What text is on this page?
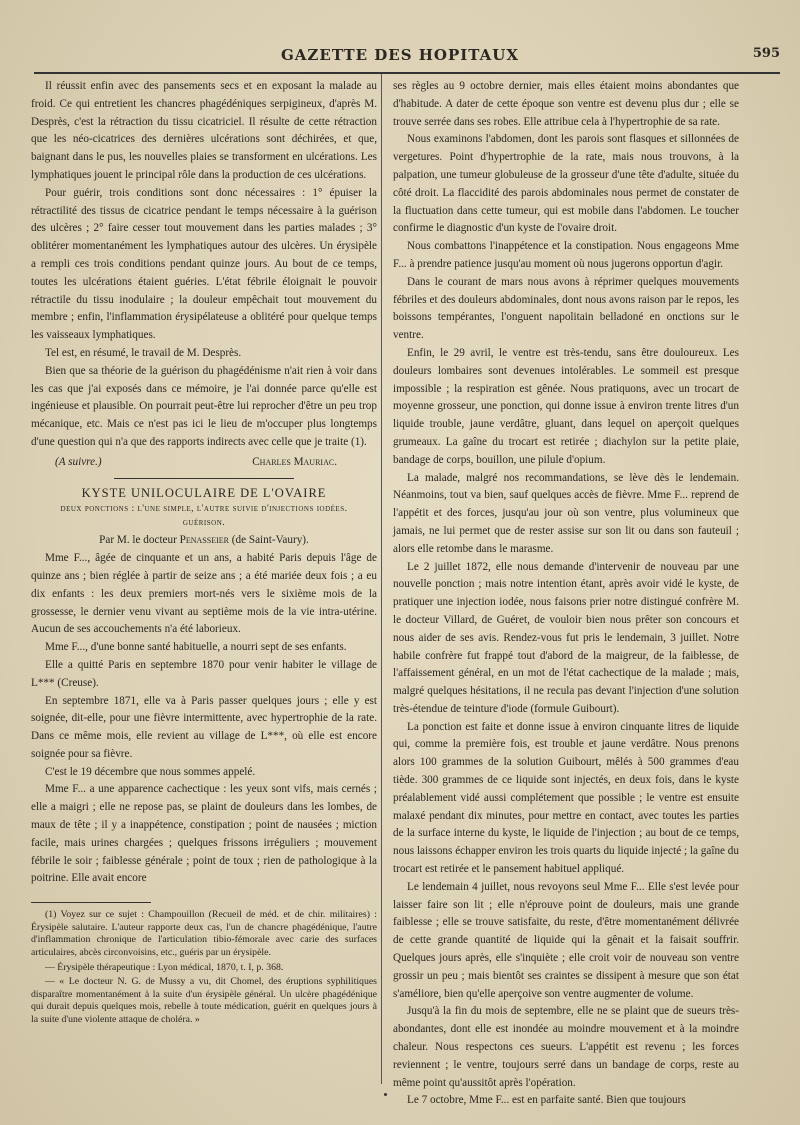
GAZETTE DES HOPITAUX	595

Il réussit enfin avec des pansements secs et en exposant la malade au froid. Ce qui entretient les chancres phagédéniques serpigineux, d'après M. Desprès, c'est la rétraction du tissu cicatriciel. Il résulte de cette rétraction que les néo-cicatrices des dernières ulcérations sont déchirées, et que, baignant dans le pus, les nouvelles plaies se transforment en ulcérations. Les lymphatiques jouent le principal rôle dans la production de ces ulcérations.

Pour guérir, trois conditions sont donc nécessaires : 1° épuiser la rétractilité des tissus de cicatrice pendant le temps nécessaire à la guérison des ulcères ; 2° faire cesser tout mouvement dans les parties malades ; 3° oblitérer momentanément les lymphatiques autour des ulcères. Un érysipèle a rempli ces trois conditions pendant quinze jours. Au bout de ce temps, toutes les ulcérations étaient guéries. L'état fébrile éloignait le pouvoir rétractile du tissu inodulaire ; la douleur empêchait tout mouvement du membre ; enfin, l'inflammation érysipélateuse a oblitéré pour quelque temps les vaisseaux lymphatiques.

Tel est, en résumé, le travail de M. Desprès.

Bien que sa théorie de la guérison du phagédénisme n'ait rien à voir dans les cas que j'ai exposés dans ce mémoire, je l'ai donnée parce qu'elle est ingénieuse et plausible. On pourrait peut-être lui reprocher d'être un peu trop mécanique, etc. Mais ce n'est pas ici le lieu de m'occuper plus longtemps d'une question qui n'a que des rapports indirects avec celle que je traite (1).

(A suivre.)	Charles Mauriac.
KYSTE UNILOCULAIRE DE L'OVAIRE
deux ponctions : l'une simple, l'autre suivie d'injections iodées.
guérison.
Par M. le docteur Penasseier (de Saint-Vaury).

Mme F..., âgée de cinquante et un ans, a habité Paris depuis l'âge de quinze ans ; bien réglée à partir de seize ans ; a été mariée deux fois ; a eu dix enfants : les deux premiers mort-nés vers le sixième mois de la grossesse, le dernier venu vivant au septième mois de la vie intra-utérine. Aucun de ses accouchements n'a été laborieux.

Mme F..., d'une bonne santé habituelle, a nourri sept de ses enfants.

Elle a quitté Paris en septembre 1870 pour venir habiter le village de L*** (Creuse).

En septembre 1871, elle va à Paris passer quelques jours ; elle y est soignée, dit-elle, pour une fièvre intermittente, avec hypertrophie de la rate. Dans ce même mois, elle revient au village de L***, où elle est encore soignée pour sa fièvre.

C'est le 19 décembre que nous sommes appelé.

Mme F... a une apparence cachectique : les yeux sont vifs, mais cernés ; elle a maigri ; elle ne repose pas, se plaint de douleurs dans les lombes, de maux de tête ; il y a inappétence, constipation ; point de nausées ; miction facile, mais urines chargées ; quelques frissons irréguliers ; mouvement fébrile le soir ; faiblesse générale ; point de toux ; rien de pathologique à la poitrine. Elle avait encore

(1) Voyez sur ce sujet : Champouillon (Recueil de méd. et de chir. militaires) : Érysipèle salutaire. L'auteur rapporte deux cas, l'un de chancre phagédénique, l'autre d'inflammation chronique de l'articulation tibio-fémorale avec carie des surfaces articulaires, abcès circonvoisins, etc., guéris par un érysipèle.

— Érysipèle thérapeutique : Lyon médical, 1870, t. I, p. 368.

— « Le docteur N. G. de Mussy a vu, dit Chomel, des éruptions syphilitiques disparaître momentanément à la suite d'un érysipèle général. Un ulcère phagédénique qui durait depuis quelques mois, rebelle à toute médication, guérit en quelques jours à la suite d'une violente attaque de choléra. »

ses règles au 9 octobre dernier, mais elles étaient moins abondantes que d'habitude. A dater de cette époque son ventre est devenu plus dur ; elle se trouve serrée dans ses robes. Elle attribue cela à l'hypertrophie de sa rate.

Nous examinons l'abdomen, dont les parois sont flasques et sillonnées de vergetures. Point d'hypertrophie de la rate, mais nous trouvons, à la palpation, une tumeur globuleuse de la grosseur d'une tête d'adulte, située du côté droit. La flaccidité des parois abdominales nous permet de constater de la fluctuation dans cette tumeur, qui est mobile dans l'abdomen. Le toucher confirme le diagnostic d'un kyste de l'ovaire droit.

Nous combattons l'inappétence et la constipation. Nous engageons Mme F... à prendre patience jusqu'au moment où nous jugerons opportun d'agir.

Dans le courant de mars nous avons à réprimer quelques mouvements fébriles et des douleurs abdominales, dont nous avons raison par le repos, les boissons tempérantes, l'onguent napolitain belladoné en onctions sur le ventre.

Enfin, le 29 avril, le ventre est très-tendu, sans être douloureux. Les douleurs lombaires sont devenues intolérables. Le sommeil est presque impossible ; la respiration est gênée. Nous pratiquons, avec un trocart de moyenne grosseur, une ponction, qui donne issue à environ trente litres d'un liquide trouble, jaune verdâtre, gluant, dans lequel on aperçoit quelques grumeaux. La gaîne du trocart est retirée ; diachylon sur la petite plaie, bandage de corps, bouillon, une pilule d'opium.

La malade, malgré nos recommandations, se lève dès le lendemain. Néanmoins, tout va bien, sauf quelques accès de fièvre. Mme F... reprend de l'appétit et des forces, jusqu'au jour où son ventre, plus volumineux que jamais, ne lui permet que de rester assise sur son lit ou dans son fauteuil ; alors elle retombe dans le marasme.

Le 2 juillet 1872, elle nous demande d'intervenir de nouveau par une nouvelle ponction ; mais notre intention étant, après avoir vidé le kyste, de pratiquer une injection iodée, nous faisons prier notre distingué confrère M. le docteur Villard, de Guéret, de vouloir bien nous prêter son concours et nous aider de ses avis. Rendez-vous fut pris le lendemain, 3 juillet. Notre habile confrère fut frappé tout d'abord de la maigreur, de la faiblesse, de l'affaissement général, en un mot de l'état cachectique de la malade ; mais, malgré quelques hésitations, il ne recula pas devant l'injection d'une solution très-étendue de teinture d'iode (formule Guibourt).

La ponction est faite et donne issue à environ cinquante litres de liquide qui, comme la première fois, est trouble et jaune verdâtre. Nous prenons alors 100 grammes de la solution Guibourt, mêlés à 500 grammes d'eau tiède. 300 grammes de ce liquide sont injectés, en deux fois, dans le kyste préalablement vidé aussi complétement que possible ; le ventre est ensuite malaxé pendant dix minutes, pour mettre en contact, avec toutes les parties de la surface interne du kyste, le liquide de l'injection ; au bout de ce temps, nous laissons échapper environ les trois quarts du liquide injecté ; la gaîne du trocart est retirée et le pansement habituel appliqué.

Le lendemain 4 juillet, nous revoyons seul Mme F... Elle s'est levée pour laisser faire son lit ; elle n'éprouve point de douleurs, mais une grande faiblesse ; elle se trouve satisfaite, du reste, d'être momentanément délivrée de cette grande quantité de liquide qui la gênait et la faisait souffrir. Quelques jours après, elle s'inquiète ; elle croit voir de nouveau son ventre grossir un peu ; mais bientôt ses craintes se dissipent à mesure que son état s'améliore, bien qu'elle aperçoive son ventre augmenter de volume.

Jusqu'à la fin du mois de septembre, elle ne se plaint que de sueurs très-abondantes, dont elle est inondée au moindre mouvement et à la moindre chaleur. Nous respectons ces sueurs. L'appétit est revenu ; les forces reviennent ; le ventre, toujours serré dans un bandage de corps, reste au même point qu'aussitôt après l'opération.

Le 7 octobre, Mme F... est en parfaite santé. Bien que toujours
